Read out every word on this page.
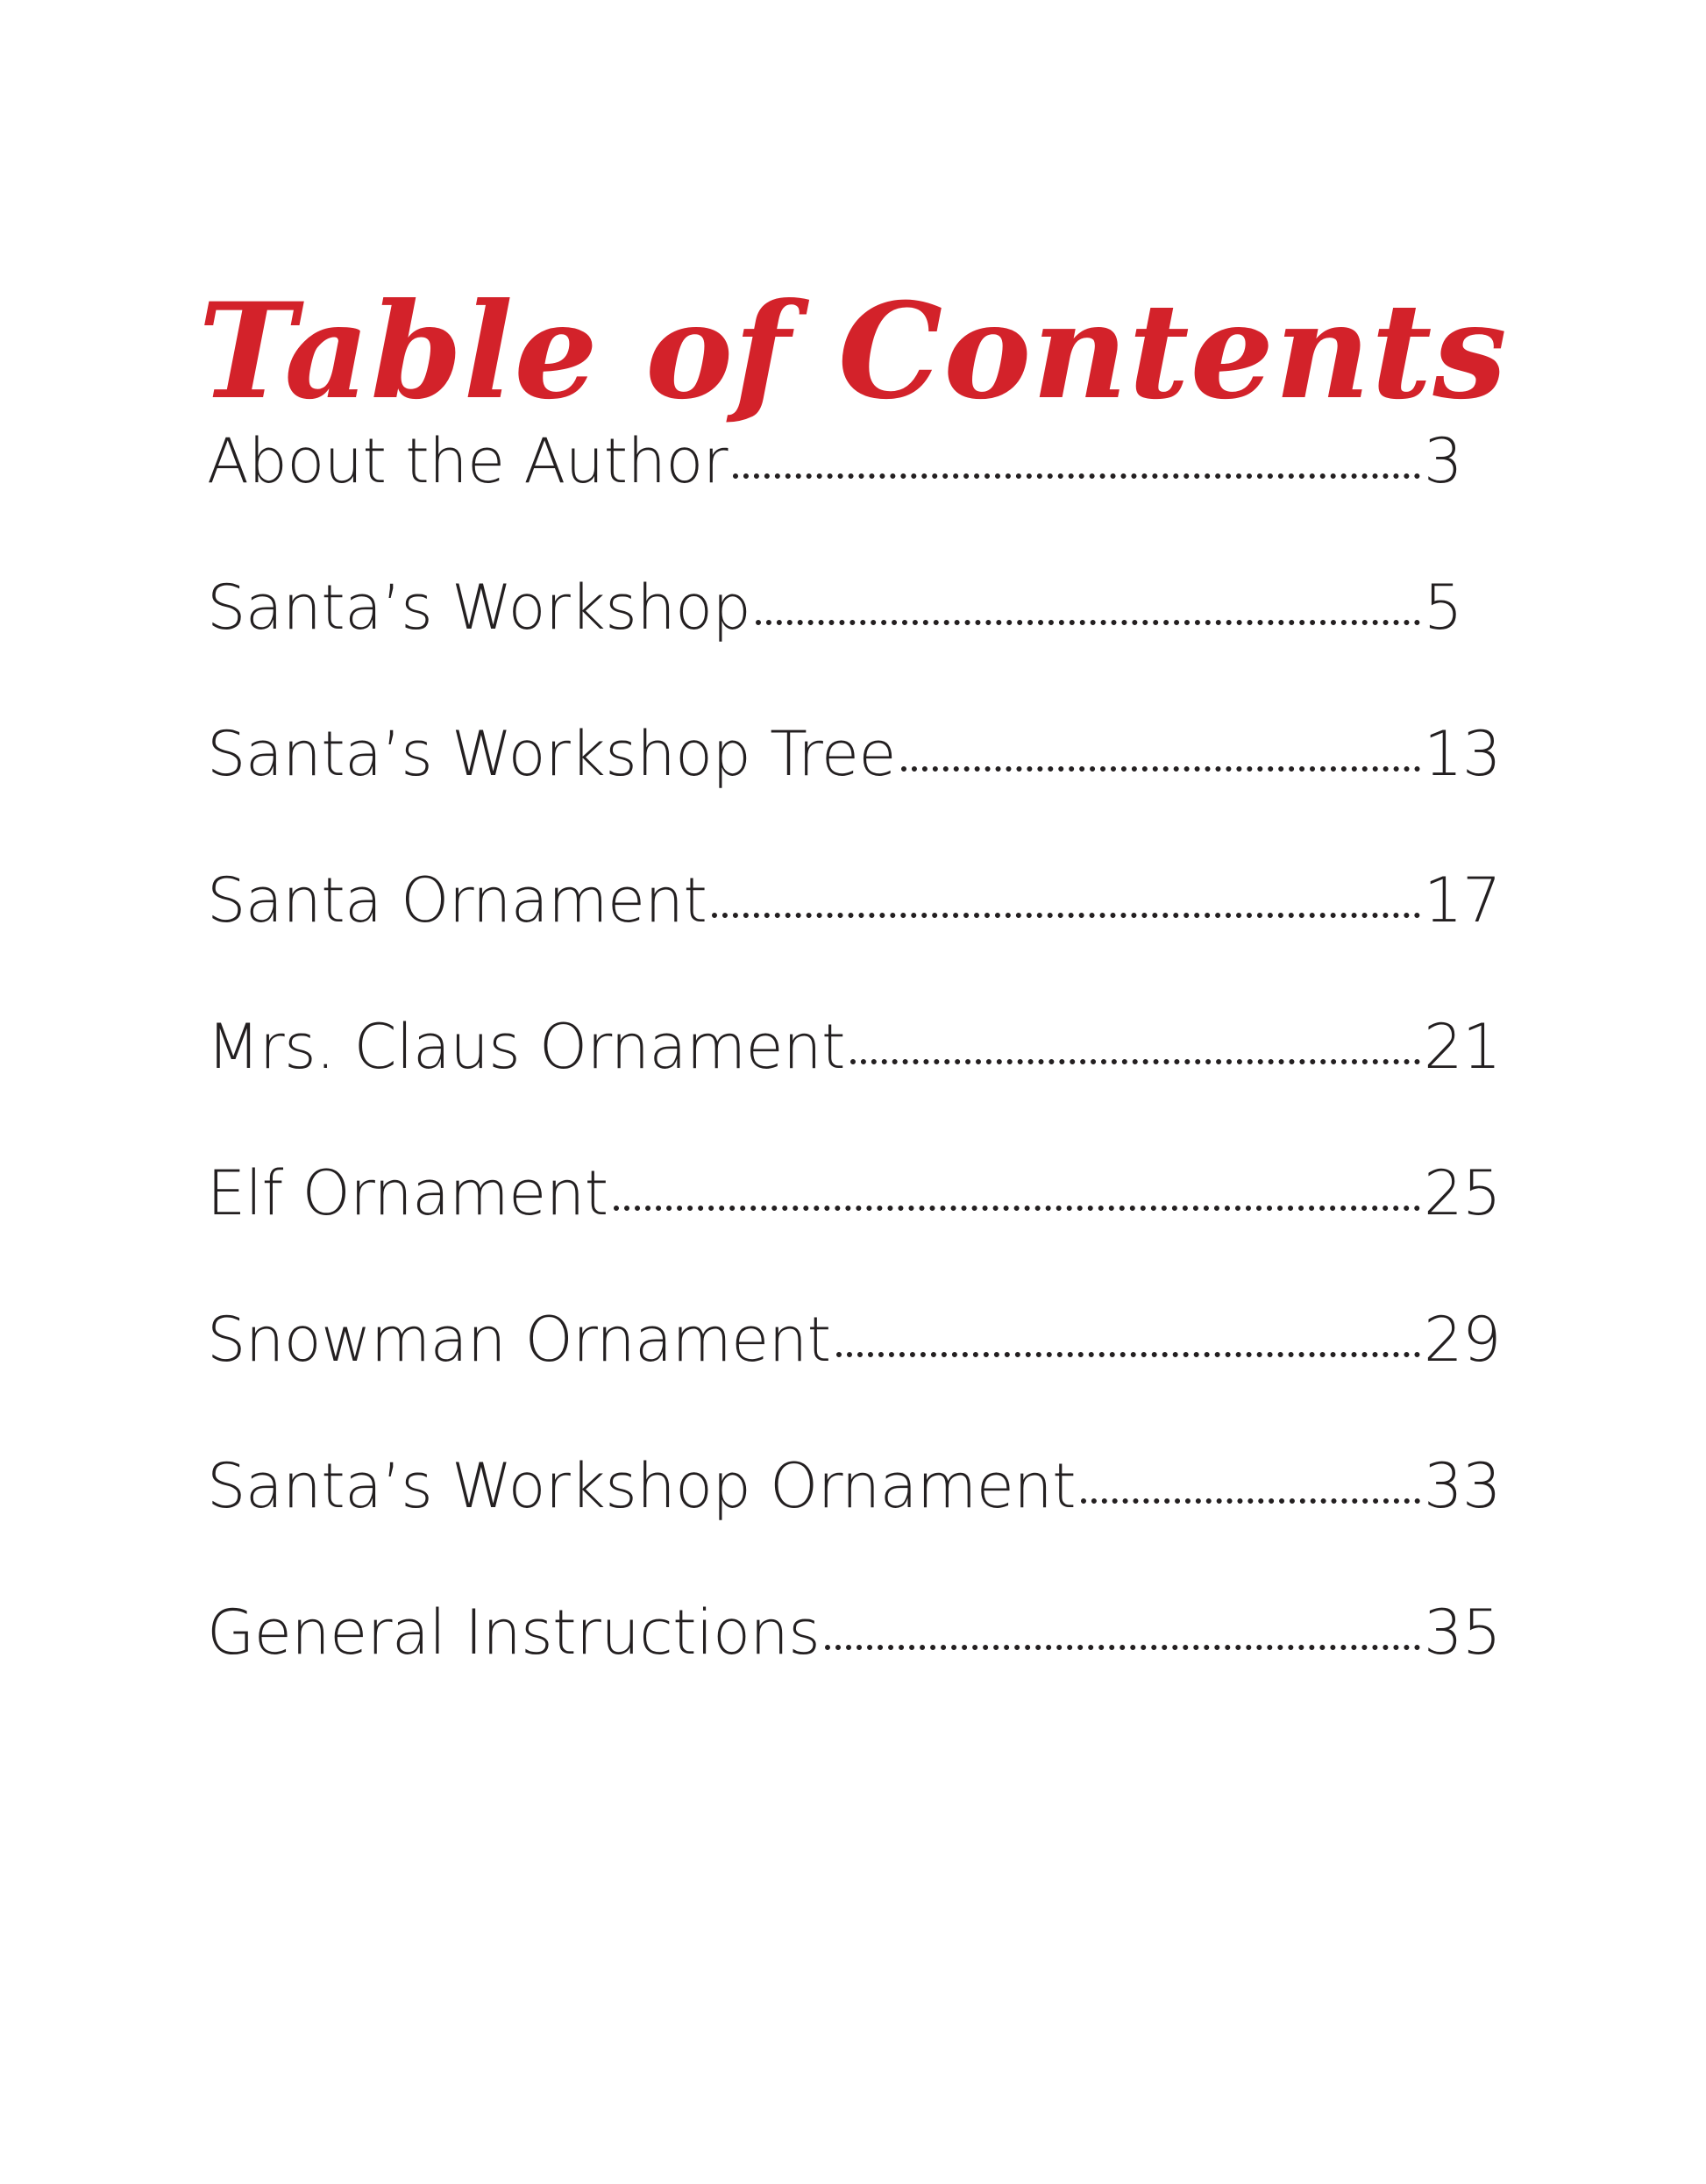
Table of Contents
About the Author	3
Santa’s Workshop	5
Santa’s Workshop Tree	13
Santa Ornament	17
Mrs. Claus Ornament	21
Elf Ornament	25
Snowman Ornament	29
Santa’s Workshop Ornament	33
General Instructions	35
